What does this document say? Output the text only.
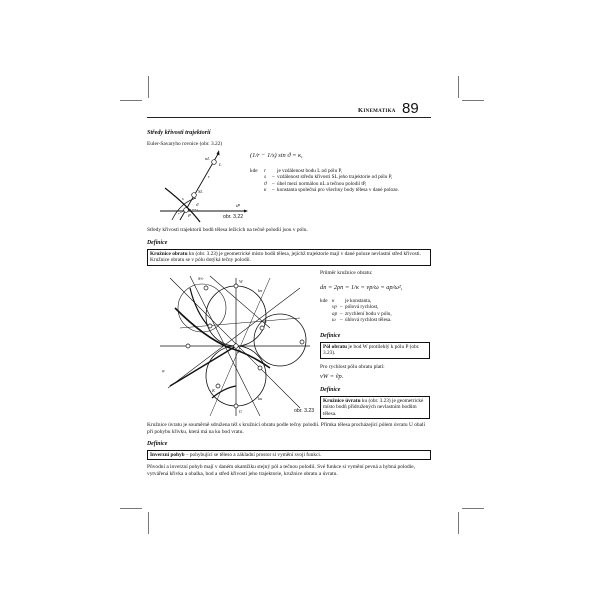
Kinematika 89
Středy křivosti trajektorií
Euler-Savaryho rovnice (obr. 3.22)
nL
L
SL
ϑ
P
tP
r
s
obr. 3.22
(1/r − 1/s) sin ϑ = κ,
kde r je vzdálenost bodu L od pólu P,
s – vzdálenost středu křivosti SL jeho trajektorie od pólu P,
ϑ – úhel mezi normálou nL a tečnou polodií tP,
κ – konstanta společná pro všechny body tělesa v dané poloze.
Středy křivosti trajektorií bodů tělesa ležících na tečně polodií jsou v pólu.
Definice
Kružnice obratu kn (obr. 3.23) je geometrické místo bodů tělesa, jejichž trajektorie mají v dané poloze nevlastní střed křivosti. Kružnice obratu se v pólu dotýká tečny polodií.
S∞
W
kn
ku
P
U
F
K
φ
obr. 3.23
Průměr kružnice obratu:
dn = 2ρn = 1/κ = vp/ω = ap/ω²,
kde κ je konstanta,
vp – pólová rychlost,
ap – zrychlení bodu v pólu,
ω – úhlová rychlost tělesa.
Definice
Pól obratu je bod W protilehlý k pólu P (obr. 3.23).
Pro rychlost pólu obratu platí:
vW = ṽp.
Definice
Kružnice úvratu ku (obr. 3.23) je geometrické místo bodů přidružených nevlastním bodům tělesa.
Kružnice úvratu je souměrně sdružena též s kružnicí obratu podle tečny polodií. Přímka tělesa procházející pólem úvratu U obalí při pohybu křivku, která má na ku bod vratu.
Definice
Inverzní pohyb – pohybující se těleso a základní prostor si vymění svoji funkci.
Původní a inverzní pohyb mají v daném okamžiku stejný pól a tečnou polodií. Své funkce si vymění pevná a hybná polodie, vytvářená křivka a obalka, bod a střed křivosti jeho trajektorie, kružnice obratu a úvratu.
